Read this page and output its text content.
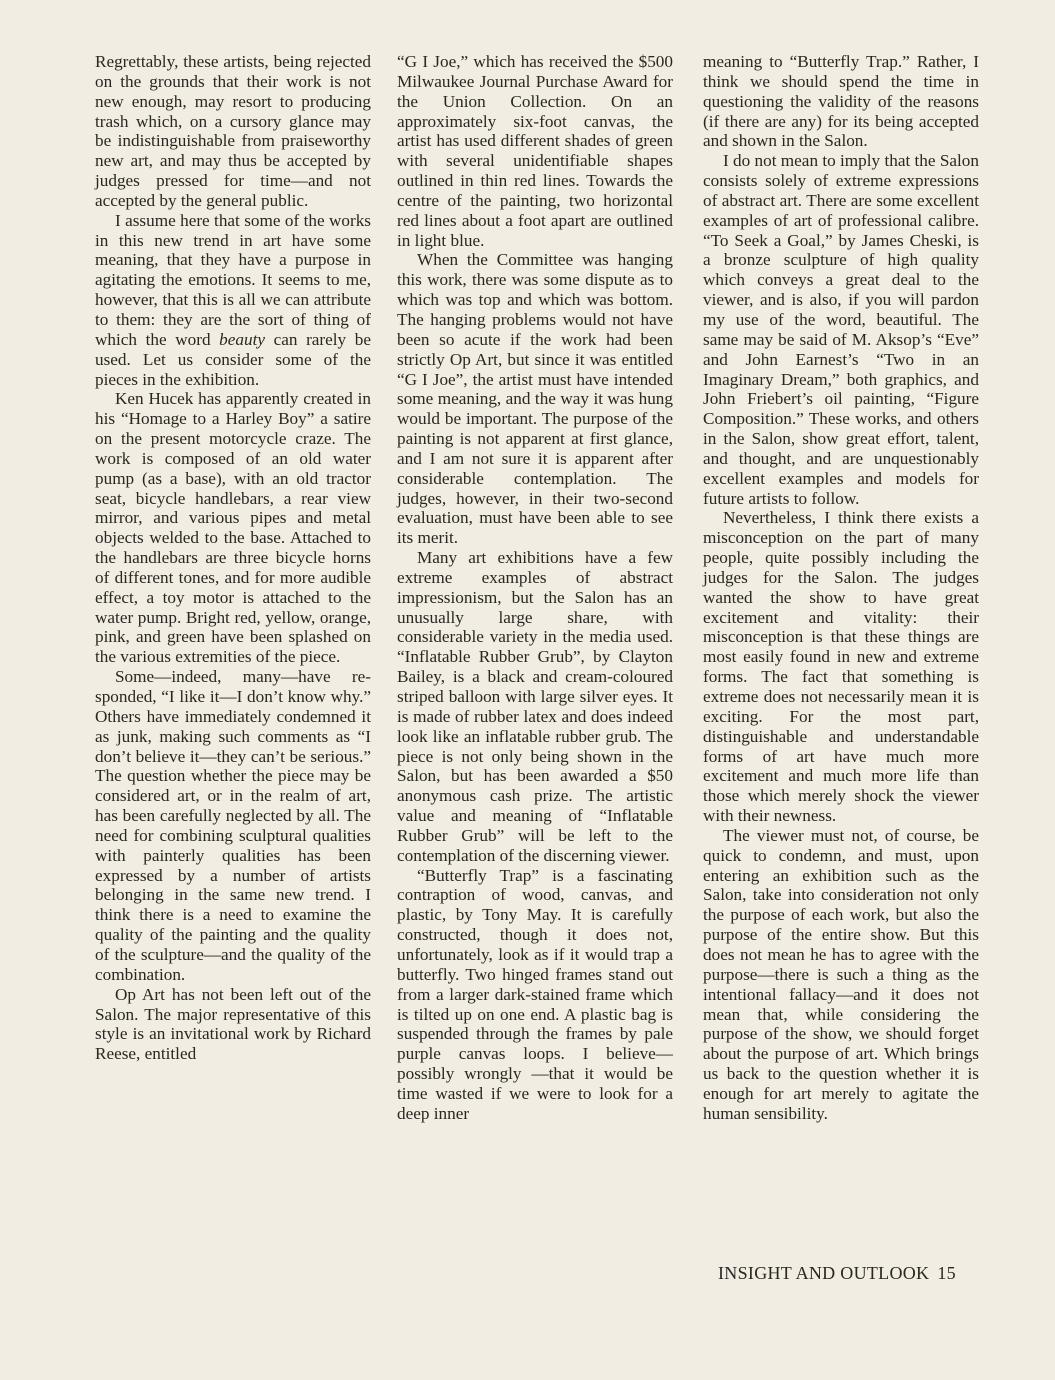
Regrettably, these artists, being rejected on the grounds that their work is not new enough, may resort to producing trash which, on a cursory glance may be indistinguishable from praiseworthy new art, and may thus be accepted by judges pressed for time—and not accepted by the general public.

I assume here that some of the works in this new trend in art have some meaning, that they have a purpose in agitating the emotions. It seems to me, however, that this is all we can attribute to them: they are the sort of thing of which the word beauty can rarely be used. Let us consider some of the pieces in the exhibition.

Ken Hucek has apparently created in his “Homage to a Harley Boy” a satire on the present motorcycle craze. The work is composed of an old water pump (as a base), with an old tractor seat, bicycle handlebars, a rear view mirror, and various pipes and metal objects welded to the base. Attached to the handlebars are three bicycle horns of different tones, and for more audible effect, a toy motor is attached to the water pump. Bright red, yellow, orange, pink, and green have been splashed on the various extremities of the piece.

Some—indeed, many—have responded, “I like it—I don’t know why.” Others have immediately condemned it as junk, making such comments as “I don’t believe it—they can’t be serious.” The question whether the piece may be considered art, or in the realm of art, has been carefully neglected by all. The need for combining sculptural qualities with painterly qualities has been expressed by a number of artists belonging in the same new trend. I think there is a need to examine the quality of the painting and the quality of the sculpture—and the quality of the combination.

Op Art has not been left out of the Salon. The major representative of this style is an invitational work by Richard Reese, entitled

“G I Joe,” which has received the $500 Milwaukee Journal Purchase Award for the Union Collection. On an approximately six-foot canvas, the artist has used different shades of green with several unidentifiable shapes outlined in thin red lines. Towards the centre of the painting, two horizontal red lines about a foot apart are outlined in light blue.

When the Committee was hanging this work, there was some dispute as to which was top and which was bottom. The hanging problems would not have been so acute if the work had been strictly Op Art, but since it was entitled “G I Joe”, the artist must have intended some meaning, and the way it was hung would be important. The purpose of the painting is not apparent at first glance, and I am not sure it is apparent after considerable contemplation. The judges, however, in their two-second evaluation, must have been able to see its merit.

Many art exhibitions have a few extreme examples of abstract impressionism, but the Salon has an unusually large share, with considerable variety in the media used. “Inflatable Rubber Grub”, by Clayton Bailey, is a black and cream-coloured striped balloon with large silver eyes. It is made of rubber latex and does indeed look like an inflatable rubber grub. The piece is not only being shown in the Salon, but has been awarded a $50 anonymous cash prize. The artistic value and meaning of “Inflatable Rubber Grub” will be left to the contemplation of the discerning viewer.

“Butterfly Trap” is a fascinating contraption of wood, canvas, and plastic, by Tony May. It is carefully constructed, though it does not, unfortunately, look as if it would trap a butterfly. Two hinged frames stand out from a larger dark-stained frame which is tilted up on one end. A plastic bag is suspended through the frames by pale purple canvas loops. I believe—possibly wrongly —that it would be time wasted if we were to look for a deep inner

meaning to “Butterfly Trap.” Rather, I think we should spend the time in questioning the validity of the reasons (if there are any) for its being accepted and shown in the Salon.

I do not mean to imply that the Salon consists solely of extreme expressions of abstract art. There are some excellent examples of art of professional calibre. “To Seek a Goal,” by James Cheski, is a bronze sculpture of high quality which conveys a great deal to the viewer, and is also, if you will pardon my use of the word, beautiful. The same may be said of M. Aksop’s “Eve” and John Earnest’s “Two in an Imaginary Dream,” both graphics, and John Friebert’s oil painting, “Figure Composition.” These works, and others in the Salon, show great effort, talent, and thought, and are unquestionably excellent examples and models for future artists to follow.

Nevertheless, I think there exists a misconception on the part of many people, quite possibly including the judges for the Salon. The judges wanted the show to have great excitement and vitality: their misconception is that these things are most easily found in new and extreme forms. The fact that something is extreme does not necessarily mean it is exciting. For the most part, distinguishable and understandable forms of art have much more excitement and much more life than those which merely shock the viewer with their newness.

The viewer must not, of course, be quick to condemn, and must, upon entering an exhibition such as the Salon, take into consideration not only the purpose of each work, but also the purpose of the entire show. But this does not mean he has to agree with the purpose—there is such a thing as the intentional fallacy—and it does not mean that, while considering the purpose of the show, we should forget about the purpose of art. Which brings us back to the question whether it is enough for art merely to agitate the human sensibility.

INSIGHT AND OUTLOOK 15
